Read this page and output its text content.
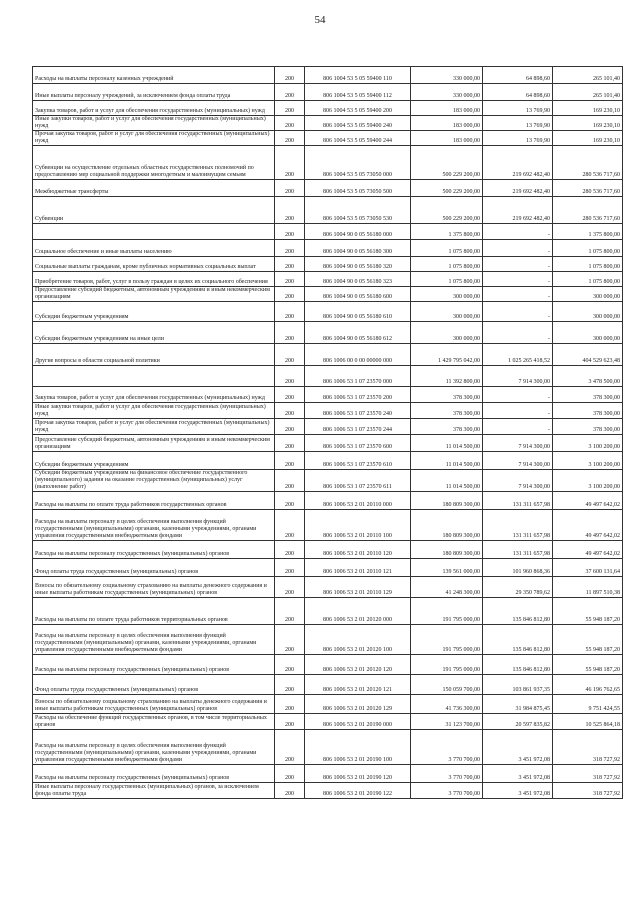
54
Расходы на выплаты персоналу казенных учреждений	200	806 1004 53 5 05 59400 110	330 000,00	64 898,60	265 101,40
Иные выплаты персоналу учреждений, за исключением фонда оплаты труда	200	806 1004 53 5 05 59400 112	330 000,00	64 898,60	265 101,40
Закупка товаров, работ и услуг для обеспечения государственных (муниципальных) нужд	200	806 1004 53 5 05 59400 200	183 000,00	13 769,90	169 230,10
Иные закупки товаров, работ и услуг для обеспечения государственных (муниципальных) нужд	200	806 1004 53 5 05 59400 240	183 000,00	13 769,90	169 230,10
Прочая закупка товаров, работ и услуг для обеспечения государственных (муниципальных) нужд	200	806 1004 53 5 05 59400 244	183 000,00	13 769,90	169 230,10
Субвенции на осуществление отдельных областных государственных полномочий по предоставлению мер социальной поддержки многодетным и малоимущим семьям	200	806 1004 53 5 05 73050 000	500 229 200,00	219 692 482,40	280 536 717,60
Межбюджетные трансферты	200	806 1004 53 5 05 73050 500	500 229 200,00	219 692 482,40	280 536 717,60
Субвенции	200	806 1004 53 5 05 73050 530	500 229 200,00	219 692 482,40	280 536 717,60
	200	806 1004 90 0 05 56180 000	1 375 800,00	-	1 375 800,00
Социальное обеспечение и иные выплаты населению	200	806 1004 90 0 05 56180 300	1 075 800,00	-	1 075 800,00
Социальные выплаты гражданам, кроме публичных нормативных социальных выплат	200	806 1004 90 0 05 56180 320	1 075 800,00	-	1 075 800,00
Приобретение товаров, работ, услуг в пользу граждан в целях их социального обеспечения	200	806 1004 90 0 05 56180 323	1 075 800,00	-	1 075 800,00
Предоставление субсидий бюджетным, автономным учреждениям и иным некоммерческим организациям	200	806 1004 90 0 05 56180 600	300 000,00	-	300 000,00
Субсидии бюджетным учреждениям	200	806 1004 90 0 05 56180 610	300 000,00	-	300 000,00
Субсидии бюджетным учреждениям на иные цели	200	806 1004 90 0 05 56180 612	300 000,00	-	300 000,00
Другие вопросы в области социальной политики	200	806 1006 00 0 00 00000 000	1 429 795 042,00	1 025 265 418,52	404 529 623,48
	200	806 1006 53 1 07 23570 000	11 392 800,00	7 914 300,00	3 478 500,00
Закупка товаров, работ и услуг для обеспечения государственных (муниципальных) нужд	200	806 1006 53 1 07 23570 200	378 300,00	-	378 300,00
Иные закупки товаров, работ и услуг для обеспечения государственных (муниципальных) нужд	200	806 1006 53 1 07 23570 240	378 300,00	-	378 300,00
Прочая закупка товаров, работ и услуг для обеспечения государственных (муниципальных) нужд	200	806 1006 53 1 07 23570 244	378 300,00	-	378 300,00
Предоставление субсидий бюджетным, автономным учреждениям и иным некоммерческим организациям	200	806 1006 53 1 07 23570 600	11 014 500,00	7 914 300,00	3 100 200,00
Субсидии бюджетным учреждениям	200	806 1006 53 1 07 23570 610	11 014 500,00	7 914 300,00	3 100 200,00
Субсидии бюджетным учреждениям на финансовое обеспечение государственного (муниципального) задания на оказание государственных (муниципальных) услуг (выполнение работ)	200	806 1006 53 1 07 23570 611	11 014 500,00	7 914 300,00	3 100 200,00
Расходы на выплаты по оплате труда работников государственных органов	200	806 1006 53 2 01 20110 000	180 809 300,00	131 311 657,98	49 497 642,02
Расходы на выплаты персоналу в целях обеспечения выполнения функций государственными (муниципальными) органами, казенными учреждениями, органами управления государственными внебюджетными фондами	200	806 1006 53 2 01 20110 100	180 809 300,00	131 311 657,98	49 497 642,02
Расходы на выплаты персоналу государственных (муниципальных) органов	200	806 1006 53 2 01 20110 120	180 809 300,00	131 311 657,98	49 497 642,02
Фонд оплаты труда государственных (муниципальных) органов	200	806 1006 53 2 01 20110 121	139 561 000,00	101 960 868,36	37 600 131,64
Взносы по обязательному социальному страхованию на выплаты денежного содержания и иные выплаты работникам государственных (муниципальных) органов	200	806 1006 53 2 01 20110 129	41 248 300,00	29 350 789,62	11 897 510,38
Расходы на выплаты по оплате труда работников территориальных органов	200	806 1006 53 2 01 20120 000	191 795 000,00	135 846 812,80	55 948 187,20
Расходы на выплаты персоналу в целях обеспечения выполнения функций государственными (муниципальными) органами, казенными учреждениями, органами управления государственными внебюджетными фондами	200	806 1006 53 2 01 20120 100	191 795 000,00	135 846 812,80	55 948 187,20
Расходы на выплаты персоналу государственных (муниципальных) органов	200	806 1006 53 2 01 20120 120	191 795 000,00	135 846 812,80	55 948 187,20
Фонд оплаты труда государственных (муниципальных) органов	200	806 1006 53 2 01 20120 121	150 059 700,00	103 861 937,35	46 196 762,65
Взносы по обязательному социальному страхованию на выплаты денежного содержания и иные выплаты работникам государственных (муниципальных) органов	200	806 1006 53 2 01 20120 129	41 736 300,00	31 984 875,45	9 751 424,55
Расходы на обеспечение функций государственных органов, в том числе территориальных органов	200	806 1006 53 2 01 20190 000	31 123 700,00	20 597 835,82	10 525 864,18
Расходы на выплаты персоналу в целях обеспечения выполнения функций государственными (муниципальными) органами, казенными учреждениями, органами управления государственными внебюджетными фондами	200	806 1006 53 2 01 20190 100	3 770 700,00	3 451 972,08	318 727,92
Расходы на выплаты персоналу государственных (муниципальных) органов	200	806 1006 53 2 01 20190 120	3 770 700,00	3 451 972,08	318 727,92
Иные выплаты персоналу государственных (муниципальных) органов, за исключением фонда оплаты труда	200	806 1006 53 2 01 20190 122	3 770 700,00	3 451 972,08	318 727,92
